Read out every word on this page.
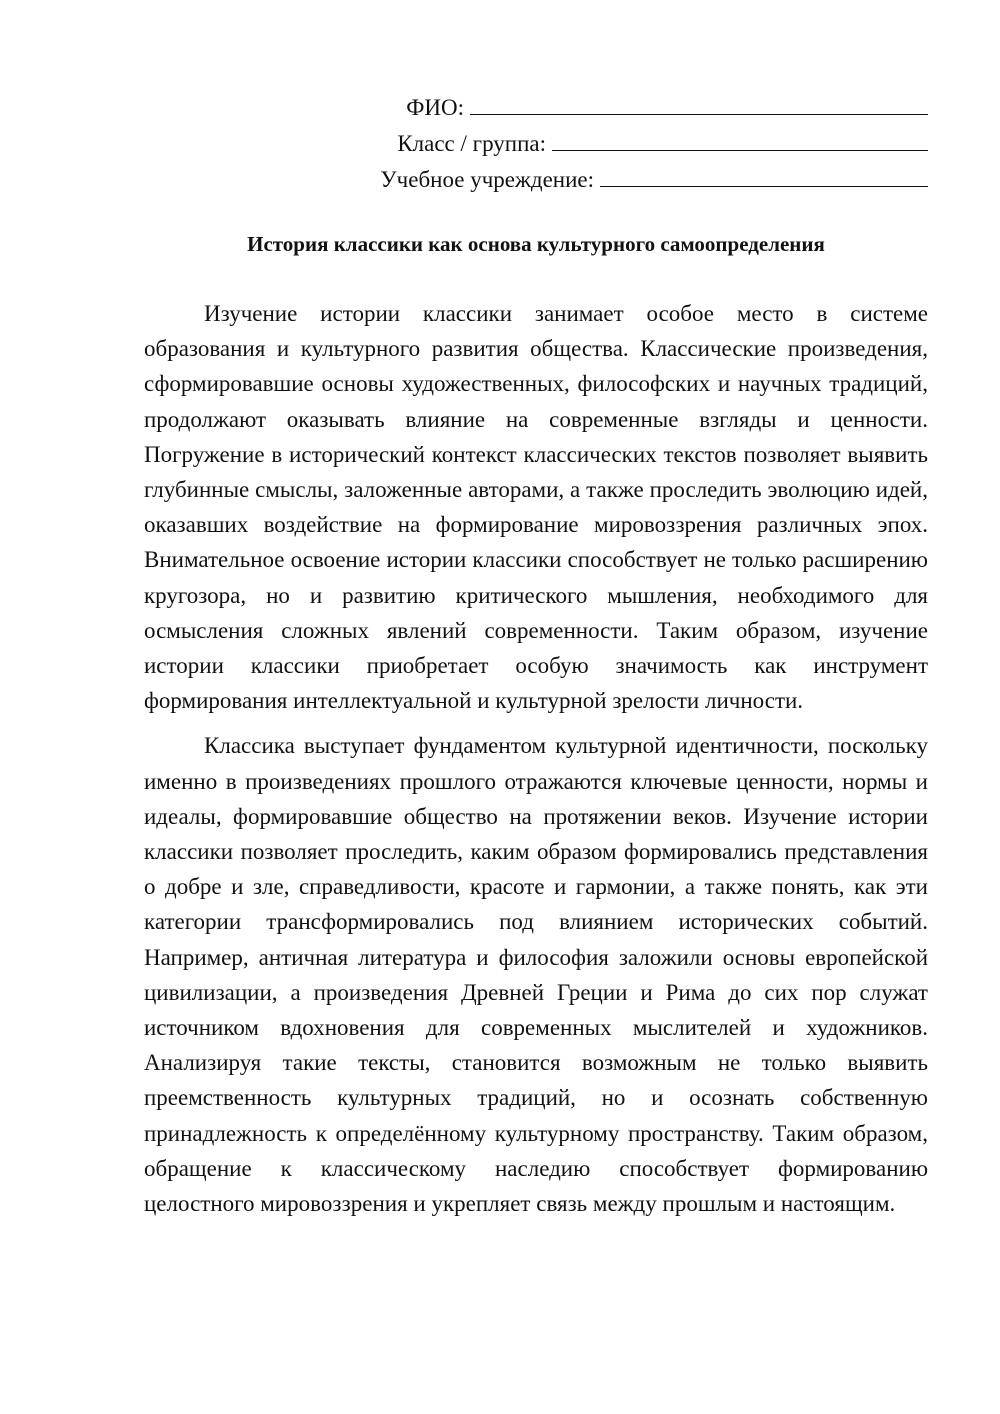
ФИО:
Класс / группа:
Учебное учреждение:
История классики как основа культурного самоопределения

Изучение истории классики занимает особое место в системе образования и культурного развития общества. Классические произведения, сформировавшие основы художественных, философских и научных традиций, продолжают оказывать влияние на современные взгляды и ценности. Погружение в исторический контекст классических текстов позволяет выявить глубинные смыслы, заложенные авторами, а также проследить эволюцию идей, оказавших воздействие на формирование мировоззрения различных эпох. Внимательное освоение истории классики способствует не только расширению кругозора, но и развитию критического мышления, необходимого для осмысления сложных явлений современности. Таким образом, изучение истории классики приобретает особую значимость как инструмент формирования интеллектуальной и культурной зрелости личности.

Классика выступает фундаментом культурной идентичности, поскольку именно в произведениях прошлого отражаются ключевые ценности, нормы и идеалы, формировавшие общество на протяжении веков. Изучение истории классики позволяет проследить, каким образом формировались представления о добре и зле, справедливости, красоте и гармонии, а также понять, как эти категории трансформировались под влиянием исторических событий. Например, античная литература и философия заложили основы европейской цивилизации, а произведения Древней Греции и Рима до сих пор служат источником вдохновения для современных мыслителей и художников. Анализируя такие тексты, становится возможным не только выявить преемственность культурных традиций, но и осознать собственную принадлежность к определённому культурному пространству. Таким образом, обращение к классическому наследию способствует формированию целостного мировоззрения и укрепляет связь между прошлым и настоящим.
